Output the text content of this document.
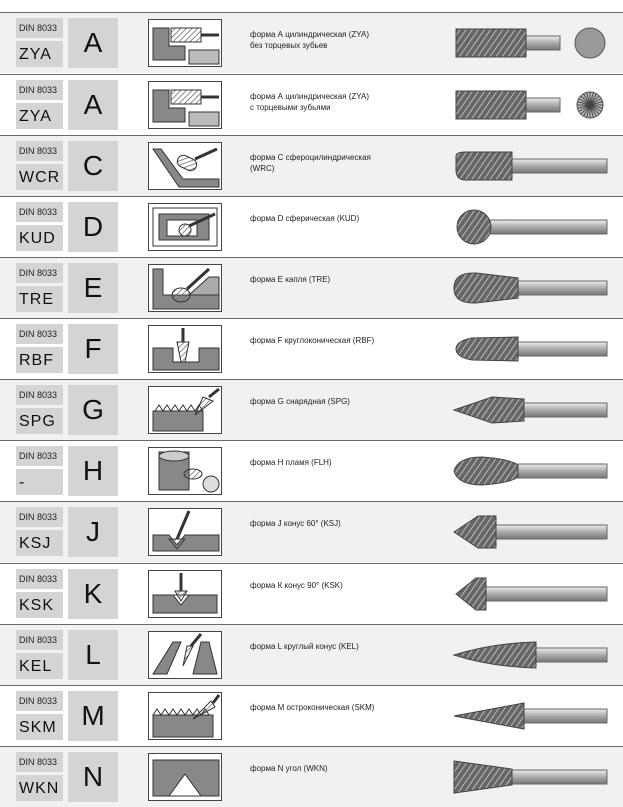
DIN 8033
ZYA	A	форма А цилиндрическая (ZYA)
без торцевых зубьев
DIN 8033
ZYA	A	форма А цилиндрическая (ZYA)
с торцевыми зубьями
DIN 8033
WCR C	форма С сфероцилиндрическая
(WRC)
DIN 8033
KUD D	форма D сферическая (KUD)
DIN 8033
TRE	E	форма Е капля (TRE)
DIN 8033
RBF	F	форма F круглоконическая (RBF)
DIN 8033
SPG G	форма G снарядная (SPG)
DIN 8033
-	H	форма Н пламя (FLH)
DIN 8033
KSJ	J	форма J конус 60° (KSJ)
DIN 8033
KSK	K	форма К конус 90° (KSK)
DIN 8033
KEL	L	форма L круглый конус (KEL)
DIN 8033
SKM M	форма М остроконическая (SKM)
DIN 8033
WKN N	форма N угол (WKN)
